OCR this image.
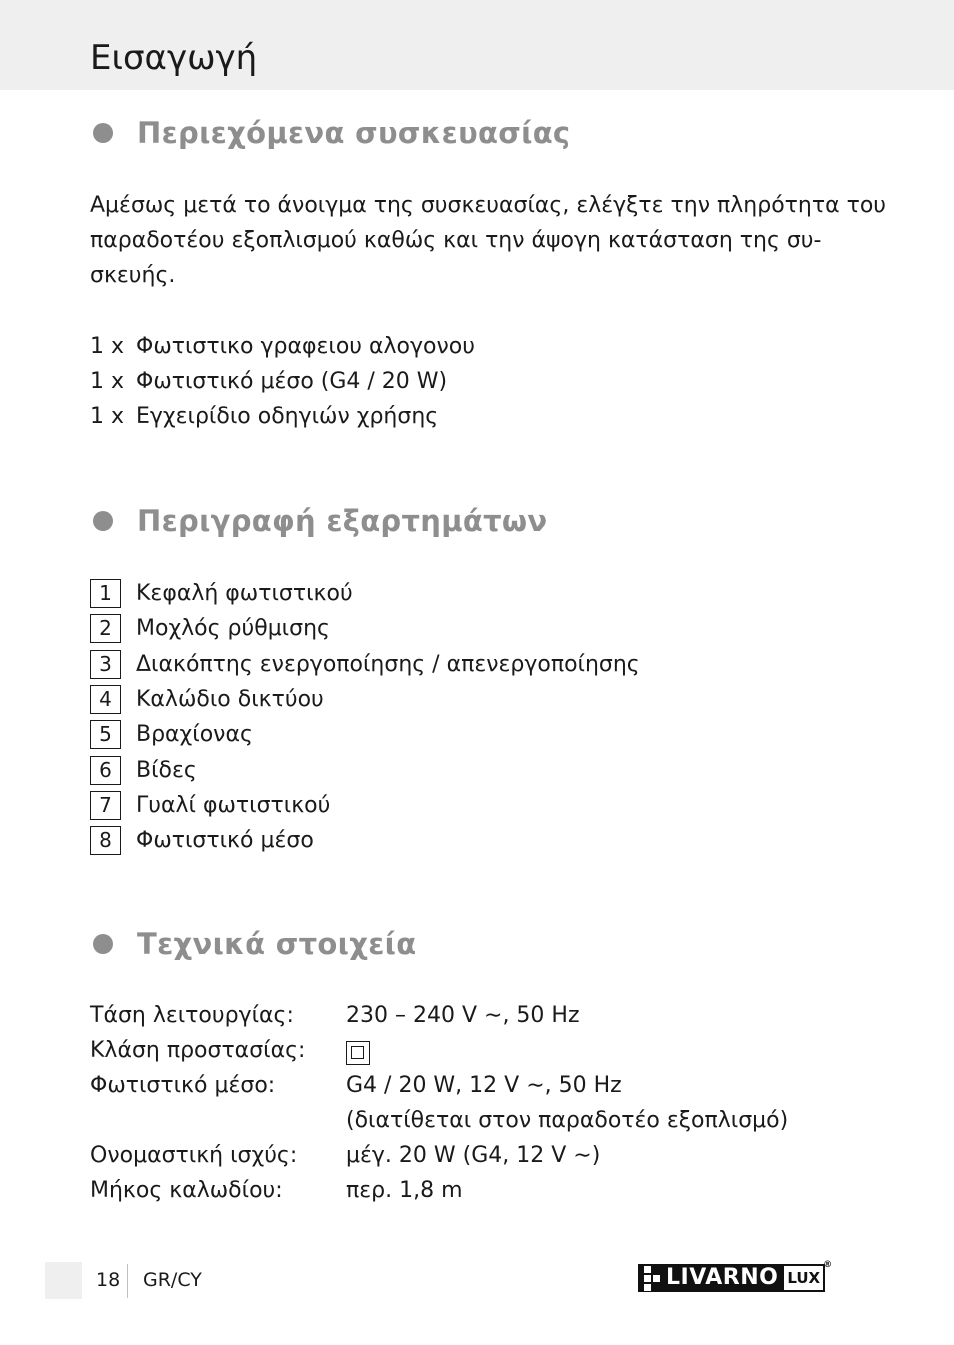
Εισαγωγή
Περιεχόμενα συσκευασίας
Αμέσως μετά το άνοιγμα της συσκευασίας, ελέγξτε την πληρότητα του
παραδοτέου εξοπλισμού καθώς και την άψογη κατάσταση της συ-
σκευής.
1 x Φωτιστικο γραφειου αλογονου
1 x Φωτιστικό μέσο (G4 / 20 W)
1 x Εγχειρίδιο οδηγιών χρήσης
Περιγραφή εξαρτημάτων
1	Κεφαλή φωτιστικού
2	Μοχλός ρύθμισης
3	Διακόπτης ενεργοποίησης / απενεργοποίησης
4	Καλώδιο δικτύου
5	Βραχίονας
6	Βίδες
7	Γυαλί φωτιστικού
8	Φωτιστικό μέσο
Τεχνικά στοιχεία
Τάση λειτουργίας:	230 – 240 V ∼, 50 Hz
Κλάση προστασίας:
Φωτιστικό μέσο:	G4 / 20 W, 12 V ∼, 50 Hz
(διατίθεται στον παραδοτέο εξοπλισμό)
Ονομαστική ισχύς:	μέγ. 20 W (G4, 12 V ∼)
Μήκος καλωδίου:	περ. 1,8 m
18 GR/CY	LIVARNO LUX
®
